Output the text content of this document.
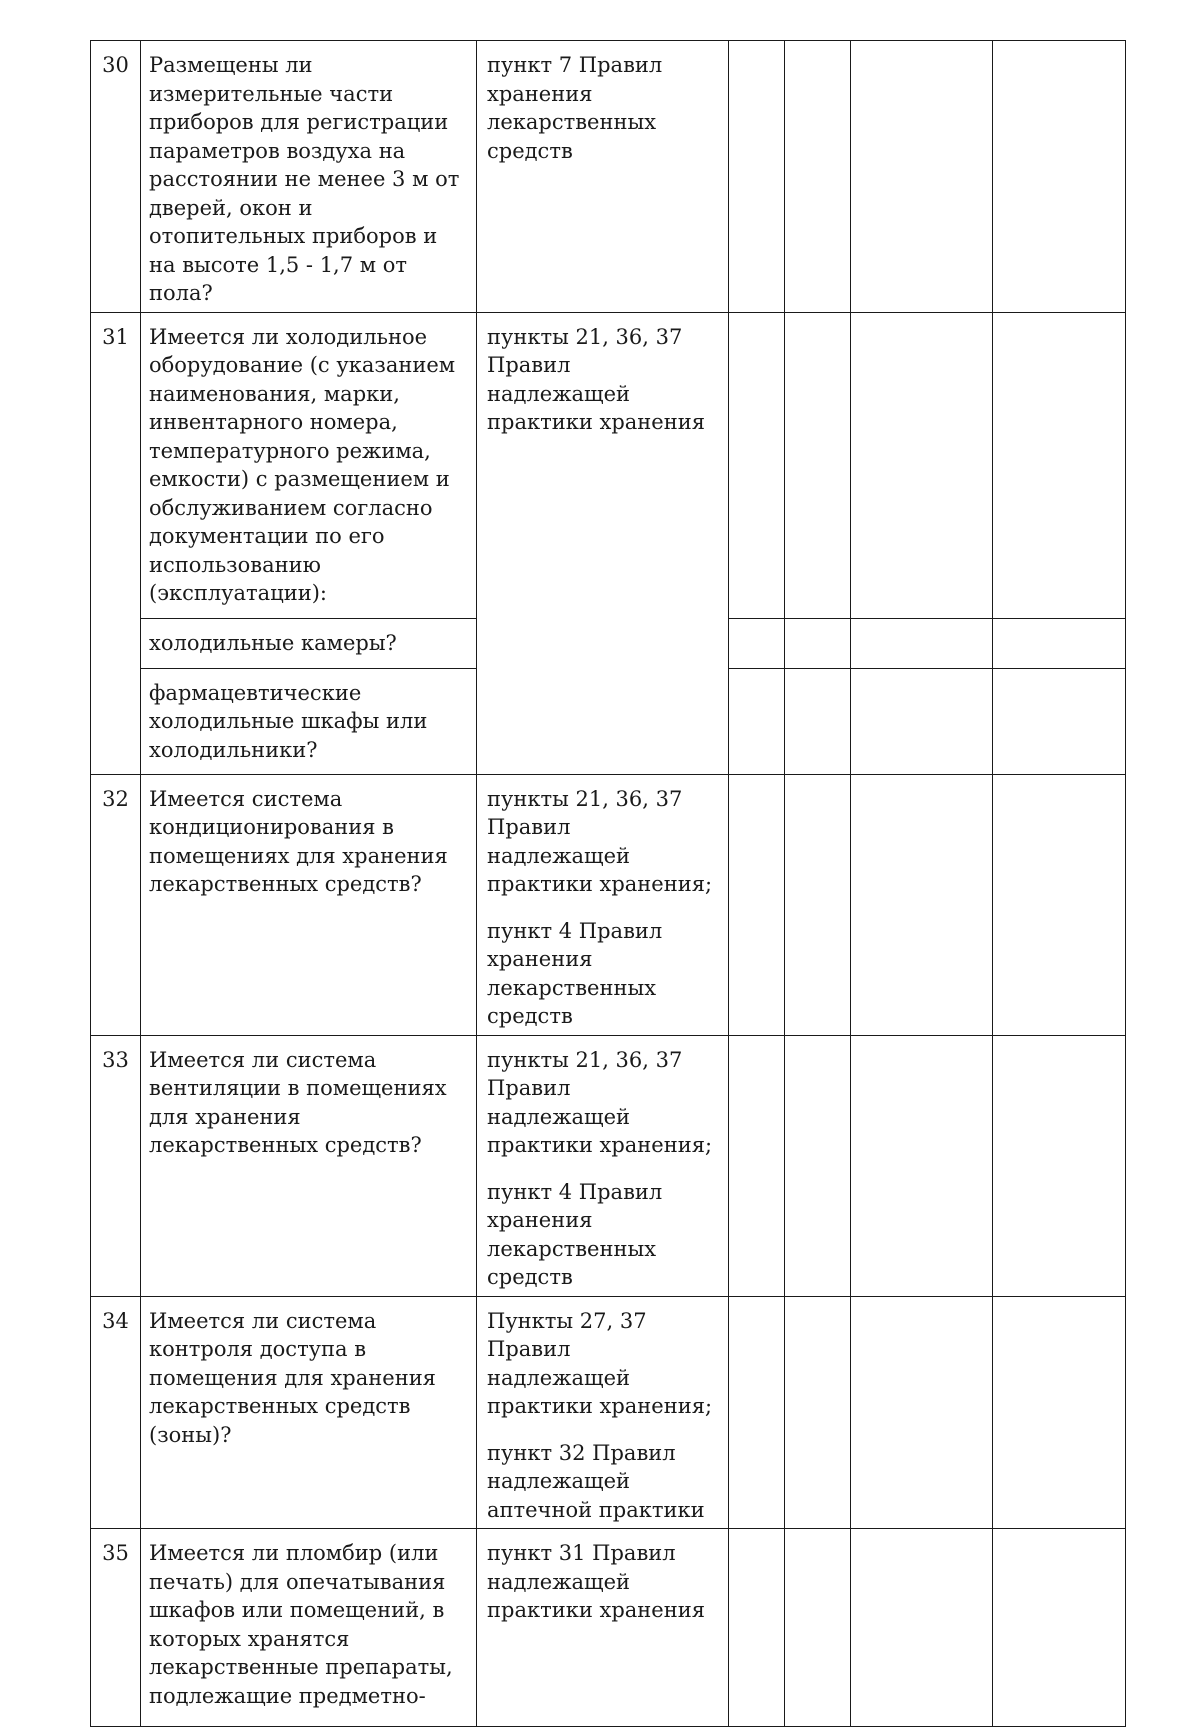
30	Размещены ли измерительные части приборов для регистрации параметров воздуха на расстоянии не менее 3 м от дверей, окон и отопительных приборов и на высоте 1,5 - 1,7 м от пола?	пункт 7 Правил хранения лекарственных средств				

31	Имеется ли холодильное оборудование (с указанием наименования, марки, инвентарного номера, температурного режима, емкости) с размещением и обслуживанием согласно документации по его использованию (эксплуатации):	пункты 21, 36, 37 Правил надлежащей практики хранения				

	холодильные камеры?					
	фармацевтические холодильные шкафы или холодильники?					
32	Имеется система кондиционирования в помещениях для хранения лекарственных средств?	пункты 21, 36, 37 Правил надлежащей практики хранения;
пункт 4 Правил хранения лекарственных средств				

33	Имеется ли система вентиляции в помещениях для хранения лекарственных средств?	пункты 21, 36, 37 Правил надлежащей практики хранения;
пункт 4 Правил хранения лекарственных средств				

34	Имеется ли система контроля доступа в помещения для хранения лекарственных средств (зоны)?	Пункты 27, 37 Правил надлежащей практики хранения;
пункт 32 Правил надлежащей аптечной практики				

35	Имеется ли пломбир (или печать) для опечатывания шкафов или помещений, в которых хранятся лекарственные препараты, подлежащие предметно-	пункт 31 Правил надлежащей практики хранения				
